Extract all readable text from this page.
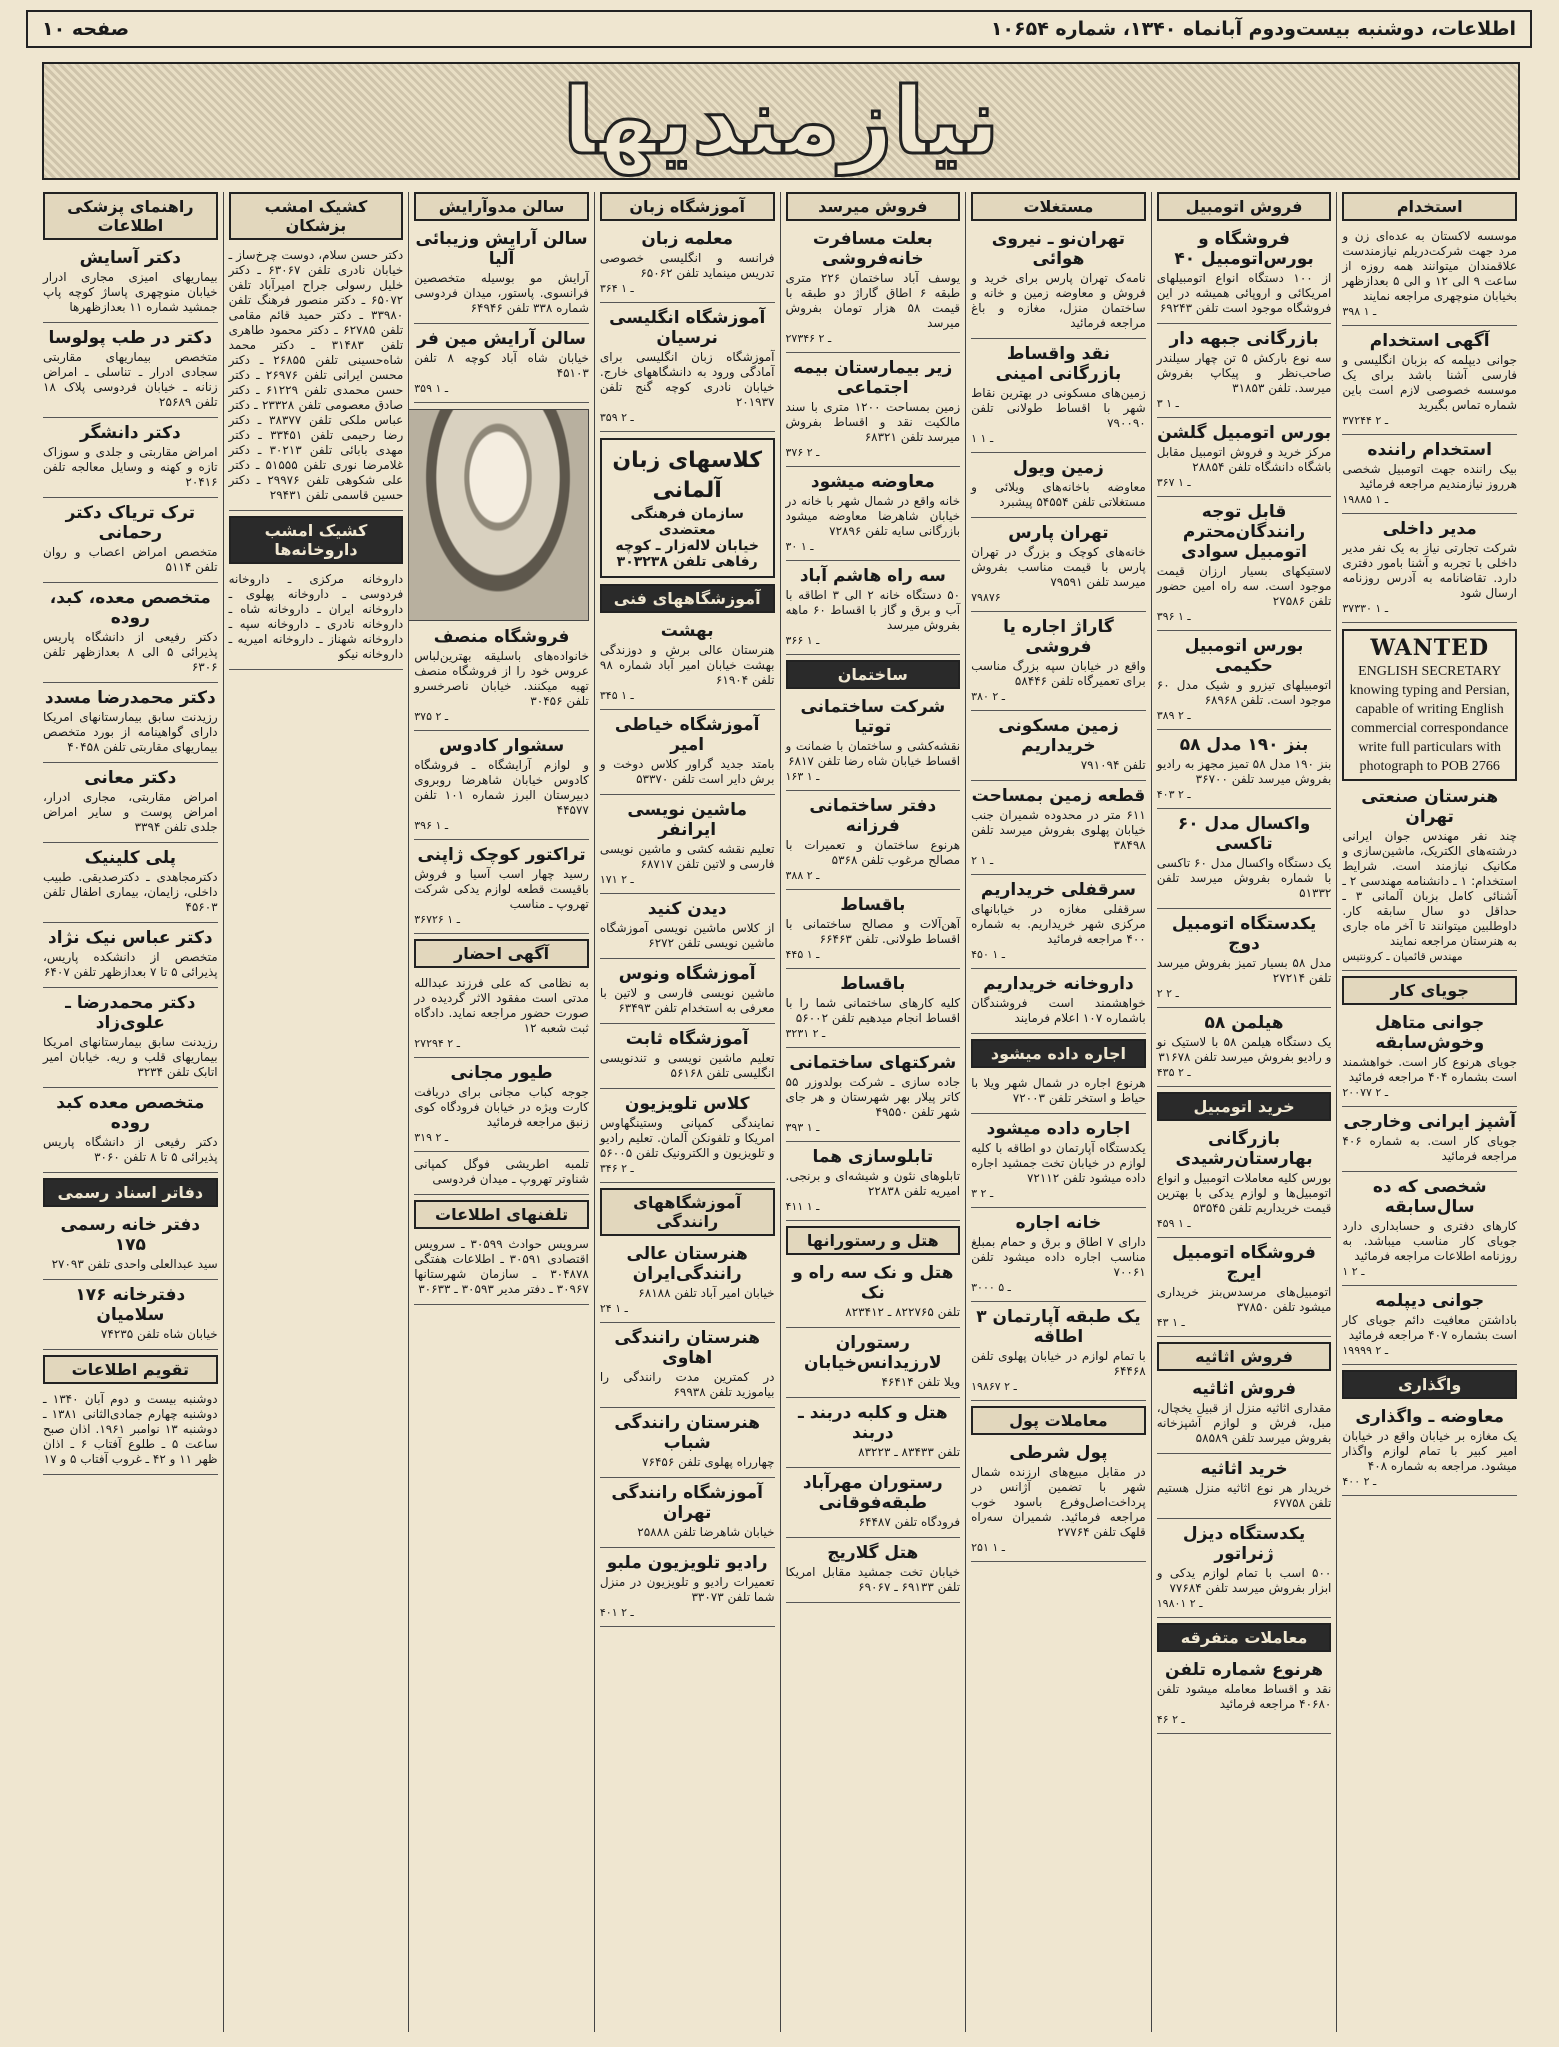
اطلاعات، دوشنبه بیست‌ودوم آبانماه ۱۳۴۰، شماره ۱۰۶۵۴
صفحه ١٠
نیازمندیها
استخدام

موسسه لاکستان به عده‌ای زن و مرد جهت شرکت‌دریلم نیازمندست علاقمندان میتوانند همه روزه از ساعت ۹ الی ۱۲ و الی ۵ بعدازظهر بخیابان منوچهری مراجعه نمایند

۳۹۸ ـ ۱
آگهی استخدام

جوانی دیپلمه که بزبان انگلیسی و فارسی آشنا باشد برای یک موسسه خصوصی لازم است باین شماره تماس بگیرید

۳۷۲۴۴ ـ ۲
استخدام راننده

بیک راننده جهت اتومبیل شخصی هرروز نیازمندیم مراجعه فرمائید

۱۹۸۸۵ ـ ۱
مدیر داخلی

شرکت تجارتی نیاز به یک نفر مدیر داخلی با تجربه و آشنا بامور دفتری دارد. تقاضانامه به آدرس روزنامه ارسال شود

۳۷۳۳۰ ـ ۱
WANTED

ENGLISH SECRETARY

knowing typing and Persian,

capable of writing English

commercial correspondance

write full particulars with

photograph to POB 2766

هنرستان صنعتی تهران

چند نفر مهندس جوان ایرانی درشته‌های الکتریک، ماشین‌سازی و مکانیک نیازمند است. شرایط استخدام: ۱ ـ دانشنامه مهندسی ۲ ـ آشنائی کامل بزبان آلمانی ۳ ـ حداقل دو سال سابقه کار. داوطلبین میتوانند تا آخر ماه جاری به هنرستان مراجعه نمایند

مهندس قائمیان ـ کرونتیس
جویای کار
جوانی متاهل وخوش‌سابقه

جویای هرنوع کار است. خواهشمند است بشماره ۴۰۴ مراجعه فرمائید

۲۰۰۷۷ ـ ۲
آشپز ایرانی وخارجی

جویای کار است. به شماره ۴۰۶ مراجعه فرمائید

شخصی که ده سال‌سابقه

کارهای دفتری و حسابداری دارد جویای کار مناسب میباشد. به روزنامه اطلاعات مراجعه فرمائید

۱ ـ ۲
جوانی دیپلمه

باداشتن معافیت دائم جویای کار است بشماره ۴۰۷ مراجعه فرمائید

۱۹۹۹۹ ـ ۲
واگذاری
معاوضه ـ واگذاری

یک مغازه بر خیابان واقع در خیابان امیر کبیر با تمام لوازم واگذار میشود. مراجعه به شماره ۴۰۸

۴۰۰ ـ ۲
فروش اتومبیل
فروشگاه و بورس‌اتومبیل ۴۰

از ۱۰۰ دستگاه انواع اتومبیلهای امریکائی و اروپائی همیشه در این فروشگاه موجود است تلفن ۶۹۲۴۳

بازرگانی جبهه دار

سه نوع بارکش ۵ تن چهار سیلندر صاحب‌نظر و پیکاپ بفروش میرسد. تلفن ۳۱۸۵۳

۳ ـ ۱
بورس اتومبیل گلشن

مرکز خرید و فروش اتومبیل مقابل باشگاه دانشگاه تلفن ۲۸۸۵۴

۳۶۷ ـ ۱
قابل توجه رانندگان‌محترم اتومبیل سوادی

لاستیکهای بسیار ارزان قیمت موجود است. سه راه امین حضور تلفن ۲۷۵۸۶

۳۹۶ ـ ۱
بورس اتومبیل حکیمی

اتومبیلهای تیزرو و شیک مدل ۶۰ موجود است. تلفن ۶۸۹۶۸

۳۸۹ ـ ۲
بنز ۱۹۰ مدل ۵۸

بنز ۱۹۰ مدل ۵۸ تمیز مجهز به رادیو بفروش میرسد تلفن ۳۶۷۰۰

۴۰۳ ـ ۲
واکسال مدل ۶۰ تاکسی

یک دستگاه واکسال مدل ۶۰ تاکسی با شماره بفروش میرسد تلفن ۵۱۳۳۲

یکدستگاه اتومبیل دوج

مدل ۵۸ بسیار تمیز بفروش میرسد تلفن ۲۷۲۱۴

۲ ـ ۲
هیلمن ۵۸

یک دستگاه هیلمن ۵۸ با لاستیک نو و رادیو بفروش میرسد تلفن ۳۱۶۷۸

۴۳۵ ـ ۲
خرید اتومبیل
بازرگانی بهارستان‌رشیدی

بورس کلیه معاملات اتومبیل و انواع اتومبیل‌ها و لوازم یدکی با بهترین قیمت خریداریم تلفن ۵۳۵۴۵

۴۵۹ ـ ۱
فروشگاه اتومبیل ایرج

اتومبیل‌های مرسدس‌بنز خریداری میشود تلفن ۳۷۸۵۰

۴۳ ـ ۱
فروش اثاثیه
فروش اثاثیه

مقداری اثاثیه منزل از قبیل یخچال، مبل، فرش و لوازم آشپزخانه بفروش میرسد تلفن ۵۸۵۸۹

خرید اثاثیه

خریدار هر نوع اثاثیه منزل هستیم تلفن ۶۷۷۵۸

یکدستگاه دیزل ژنراتور

۵۰۰ اسب با تمام لوازم یدکی و ابزار بفروش میرسد تلفن ۷۷۶۸۴

۱۹۸۰۱ ـ ۲
معاملات متفرقه
هرنوع شماره تلفن

نقد و اقساط معامله میشود تلفن ۴۰۶۸۰ مراجعه فرمائید

۴۶ ـ ۲
مستغلات
تهران‌نو ـ نیروی هوائی

نامه‌ک تهران پارس برای خرید و فروش و معاوضه زمین و خانه و ساختمان منزل، مغازه و باغ مراجعه فرمائید

نقد واقساط بازرگانی امینی

زمین‌های مسکونی در بهترین نقاط شهر با اقساط طولانی تلفن ۷۹۰۰۹۰

۱ ـ ۱
زمین ویول

معاوضه باخانه‌های ویلائی و مستغلاتی تلفن ۵۴۵۵۴ پیشبرد

تهران پارس

خانه‌های کوچک و بزرگ در تهران پارس با قیمت مناسب بفروش میرسد تلفن ۷۹۵۹۱

۷۹۸۷۶
گاراژ اجاره یا فروشی

واقع در خیابان سپه بزرگ مناسب برای تعمیرگاه تلفن ۵۸۴۴۶

۳۸۰ ـ ۲
زمین مسکونی خریداریم

تلفن ۷۹۱۰۹۴

قطعه زمین بمساحت

۶۱۱ متر در محدوده شمیران جنب خیابان پهلوی بفروش میرسد تلفن ۳۸۴۹۸

۲ ـ ۱
سرقفلی خریداریم

سرقفلی مغازه در خیابانهای مرکزی شهر خریداریم. به شماره ۴۰۰ مراجعه فرمائید

۴۵۰ ـ ۱
داروخانه خریداریم

خواهشمند است فروشندگان باشماره ۱۰۷ اعلام فرمایند

اجاره داده میشود

هرنوع اجاره در شمال شهر ویلا با حیاط و استخر تلفن ۷۲۰۰۳

اجاره داده میشود

یکدستگاه آپارتمان دو اطاقه با کلیه لوازم در خیابان تخت جمشید اجاره داده میشود تلفن ۷۲۱۱۲

۳ ـ ۲
خانه اجاره

دارای ۷ اطاق و برق و حمام بمبلغ مناسب اجاره داده میشود تلفن ۷۰۰۶۱

۳۰۰۰ ـ ۵
یک طبقه آپارتمان ۳ اطاقه

با تمام لوازم در خیابان پهلوی تلفن ۶۴۴۶۸

۱۹۸۶۷ ـ ۲
معاملات پول
پول شرطی

در مقابل مبیع‌های ارزنده شمال شهر با تضمین آژانس در پرداخت‌اصل‌وفرع باسود خوب مراجعه فرمائید. شمیران سه‌راه قلهک تلفن ۲۷۷۶۴

۲۵۱ ـ ۱
فروش میرسد
بعلت مسافرت خانه‌فروشی

یوسف آباد ساختمان ۲۲۶ متری طبقه ۶ اطاق گاراژ دو طبقه با قیمت ۵۸ هزار تومان بفروش میرسد

۲۷۳۴۶ ـ ۲
زیر بیمارستان بیمه اجتماعی

زمین بمساحت ۱۲۰۰ متری با سند مالکیت نقد و اقساط بفروش میرسد تلفن ۶۸۳۲۱

۳۷۶ ـ ۲
معاوضه میشود

خانه واقع در شمال شهر با خانه در خیابان شاهرضا معاوضه میشود بازرگانی سایه تلفن ۷۲۸۹۶

۳۰ ـ ۱
سه راه هاشم آباد

۵۰ دستگاه خانه ۲ الی ۳ اطاقه با آب و برق و گاز با اقساط ۶۰ ماهه بفروش میرسد

۳۶۶ ـ ۱
ساختمان
شرکت ساختمانی توتیا

نقشه‌کشی و ساختمان با ضمانت و اقساط خیابان شاه رضا تلفن ۶۸۱۷

۱۶۳ ـ ۱
دفتر ساختمانی فرزانه

هرنوع ساختمان و تعمیرات با مصالح مرغوب تلفن ۵۳۶۸

۳۸۸ ـ ۲
باقساط

آهن‌آلات و مصالح ساختمانی با اقساط طولانی. تلفن ۶۶۴۶۳

۴۴۵ ـ ۱
باقساط

کلیه کارهای ساختمانی شما را با اقساط انجام میدهیم تلفن ۵۶۰۰۲

۳۲۳۱ ـ ۲
شرکتهای ساختمانی

جاده سازی ـ شرکت بولدوزر ۵۵ کاتر پیلار بهر شهرستان و هر جای شهر تلفن ۴۹۵۵۰

۳۹۳ ـ ۱
تابلوسازی هما

تابلوهای نئون و شیشه‌ای و برنجی. امیریه تلفن ۲۲۸۳۸

۴۱۱ ـ ۱
هتل و رستورانها
هتل و نک سه راه و نک

تلفن ۸۲۲۷۶۵ ـ ۸۲۳۴۱۲

رستوران لارزیدانس‌خیابان

ویلا تلفن ۴۶۴۱۴

هتل و کلبه دربند ـ دربند

تلفن ۸۳۴۳۳ ـ ۸۳۲۲۳

رستوران مهرآباد طبقه‌فوقانی

فرودگاه تلفن ۶۴۴۸۷

هتل گلاریج

خیابان تخت جمشید مقابل امریکا تلفن ۶۹۱۳۳ ـ ۶۹۰۶۷

آموزشگاه زبان
معلمه زبان

فرانسه و انگلیسی خصوصی تدریس مینماید تلفن ۶۵۰۶۲

۳۶۴ ـ ۱
آموزشگاه انگلیسی نرسیان

آموزشگاه زبان انگلیسی برای آمادگی ورود به دانشگاههای خارج. خیابان نادری کوچه گنج تلفن ۲۰۱۹۳۷

۳۵۹ ـ ۲
کلاسهای زبان آلمانی
سازمان فرهنگی معتضدی
خیابان لاله‌زار ـ کوچه رفاهی تلفن ۳۰۳۲۳۸
آموزشگاههای فنی
بهشت

هنرستان عالی برش و دوزندگی بهشت خیابان امیر آباد شماره ۹۸ تلفن ۶۱۹۰۴

۳۴۵ ـ ۱
آموزشگاه خیاطی امیر

بامتد جدید گراور کلاس دوخت و برش دایر است تلفن ۵۳۳۷۰

ماشین نویسی ایرانفر

تعلیم نقشه کشی و ماشین نویسی فارسی و لاتین تلفن ۶۸۷۱۷

۱۷۱ ـ ۲
دیدن کنید

از کلاس ماشین نویسی آموزشگاه ماشین نویسی تلفن ۶۲۷۲

آموزشگاه ونوس

ماشین نویسی فارسی و لاتین با معرفی به استخدام تلفن ۶۳۴۹۳

آموزشگاه ثابت

تعلیم ماشین نویسی و تندنویسی انگلیسی تلفن ۵۶۱۶۸

کلاس تلویزیون

نمایندگی کمپانی وستینگهاوس امریکا و تلفونکن آلمان. تعلیم رادیو و تلویزیون و الکترونیک تلفن ۵۶۰۰۵

۳۴۶ ـ ۲
آموزشگاههای رانندگی
هنرستان عالی رانندگی‌ایران

خیابان امیر آباد تلفن ۶۸۱۸۸

۲۴ ـ ۱
هنرستان رانندگی اهاوی

در کمترین مدت رانندگی را بیاموزید تلفن ۶۹۹۳۸

هنرستان رانندگی شباب

چهارراه پهلوی تلفن ۷۶۴۵۶

آموزشگاه رانندگی تهران

خیابان شاهرضا تلفن ۲۵۸۸۸

رادیو تلویزیون ملبو

تعمیرات رادیو و تلویزیون در منزل شما تلفن ۳۳۰۷۳

۴۰۱ ـ ۲
سالن مدوآرایش
سالن آرایش وزیبائی آلیا

آرایش مو بوسیله متخصصین فرانسوی. پاستور، میدان فردوسی شماره ۳۳۸ تلفن ۶۴۹۴۶

سالن آرایش مین فر

خیابان شاه آباد کوچه ۸ تلفن ۴۵۱۰۳

۳۵۹ ـ ۱
فروشگاه منصف

خانواده‌های باسلیقه بهترین‌لباس عروس خود را از فروشگاه منصف تهیه میکنند. خیابان ناصرخسرو تلفن ۳۰۴۵۶

۳۷۵ ـ ۲
سشوار کادوس

و لوازم آرایشگاه ـ فروشگاه کادوس خیابان شاهرضا روبروی دبیرستان البرز شماره ۱۰۱ تلفن ۴۴۵۷۷

۳۹۶ ـ ۱
تراکتور کوچک ژاپنی

رسید چهار اسب آسیا و فروش باقیست قطعه لوازم یدکی شرکت تهروپ ـ مناسب

۳۶۷۲۶ ـ ۱
آگهی احضار

به نظامی که علی فرزند عبدالله مدتی است مفقود الاثر گردیده در صورت حضور مراجعه نماید. دادگاه ثبت شعبه ۱۲

۲۷۲۹۴ ـ ۲
طیور مجانی

جوجه کباب مجانی برای دریافت کارت ویژه در خیابان فرودگاه کوی زنبق مراجعه فرمائید

۳۱۹ ـ ۲

تلمبه اطریشی فوگل کمپانی شناوتر تهروپ ـ میدان فردوسی

تلفنهای اطلاعات

سرویس حوادث ۳۰۵۹۹ ـ سرویس اقتصادی ۳۰۵۹۱ ـ اطلاعات هفتگی ۳۰۴۸۷۸ ـ سازمان شهرستانها ۳۰۹۶۷ ـ دفتر مدیر ۳۰۵۹۳ ـ ۳۰۶۳۳

کشیک امشب بزشکان

دکتر حسن سلام، دوست چرخ‌ساز ـ خیابان نادری تلفن ۶۳۰۶۷ ـ دکتر خلیل رسولی جراح امیرآباد تلفن ۶۵۰۷۲ ـ دکتر منصور فرهنگ تلفن ۳۳۹۸۰ ـ دکتر حمید قائم مقامی تلفن ۶۲۷۸۵ ـ دکتر محمود طاهری تلفن ۳۱۴۸۳ ـ دکتر محمد شاه‌حسینی تلفن ۲۶۸۵۵ ـ دکتر محسن ایرانی تلفن ۲۶۹۷۶ ـ دکتر حسن محمدی تلفن ۶۱۲۲۹ ـ دکتر صادق معصومی تلفن ۲۳۳۲۸ ـ دکتر عباس ملکی تلفن ۳۸۳۷۷ ـ دکتر رضا رحیمی تلفن ۳۳۴۵۱ ـ دکتر مهدی بابائی تلفن ۳۰۲۱۳ ـ دکتر غلامرضا نوری تلفن ۵۱۵۵۵ ـ دکتر علی شکوهی تلفن ۲۹۹۷۶ ـ دکتر حسین قاسمی تلفن ۲۹۴۳۱

کشیک امشب داروخانه‌ها

داروخانه مرکزی ـ داروخانه فردوسی ـ داروخانه پهلوی ـ داروخانه ایران ـ داروخانه شاه ـ داروخانه نادری ـ داروخانه سپه ـ داروخانه شهناز ـ داروخانه امیریه ـ داروخانه نیکو

راهنمای پزشکی اطلاعات
دکتر آسایش

بیماریهای امیزی مجاری ادرار خیابان منوچهری پاساژ کوچه پاپ جمشید شماره ۱۱ بعدازظهرها

دکتر در طب پولوسا

متخصص بیماریهای مقاربتی سجادی ادرار ـ تناسلی ـ امراض زنانه ـ خیابان فردوسی پلاک ۱۸ تلفن ۲۵۶۸۹

دکتر دانشگر

امراض مقاربتی و جلدی و سوزاک تازه و کهنه و وسایل معالجه تلفن ۲۰۴۱۶

ترک تریاک دکتر رحمانی

متخصص امراض اعصاب و روان تلفن ۵۱۱۴

متخصص معده، کبد، روده

دکتر رفیعی از دانشگاه پاریس پذیرائی ۵ الی ۸ بعدازظهر تلفن ۶۳۰۶

دکتر محمدرضا مسدد

رزیدنت سابق بیمارستانهای امریکا دارای گواهینامه از بورد متخصص بیماریهای مقاربتی تلفن ۴۰۴۵۸

دکتر معانی

امراض مقاربتی، مجاری ادرار، امراض پوست و سایر امراض جلدی تلفن ۳۳۹۴

پلی کلینیک

دکترمجاهدی ـ دکترصدیقی. طبیب داخلی، زایمان، بیماری اطفال تلفن ۴۵۶۰۳

دکتر عباس نیک نژاد

متخصص از دانشکده پاریس، پذیرائی ۵ تا ۷ بعدازظهر تلفن ۶۴۰۷

دکتر محمدرضا ـ علوی‌زاد

رزیدنت سابق بیمارستانهای امریکا بیماریهای قلب و ریه. خیابان امیر اتابک تلفن ۳۲۳۴

متخصص معده کبد روده

دکتر رفیعی از دانشگاه پاریس پذیرائی ۵ تا ۸ تلفن ۳۰۶۰

دفاتر اسناد رسمی
دفتر خانه رسمی ۱۷۵

سید عبدالعلی واحدی تلفن ۲۷۰۹۳

دفترخانه ۱۷۶ سلامیان

خیابان شاه تلفن ۷۴۲۳۵

تقویم اطلاعات

دوشنبه بیست و دوم آبان ۱۳۴۰ ـ دوشنبه چهارم جمادی‌الثانی ۱۳۸۱ ـ دوشنبه ۱۳ نوامبر ۱۹۶۱. اذان صبح ساعت ۵ ـ طلوع آفتاب ۶ ـ اذان ظهر ۱۱ و ۴۲ ـ غروب آفتاب ۵ و ۱۷
